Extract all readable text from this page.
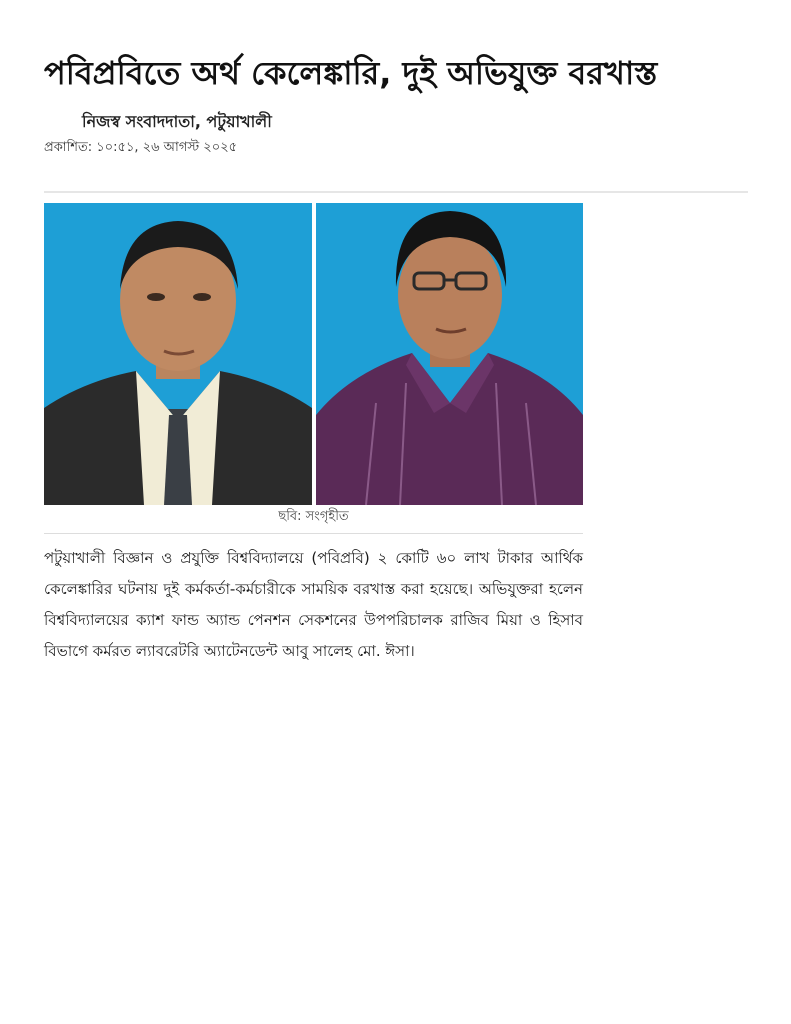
পবিপ্রবিতে অর্থ কেলেঙ্কারি, দুই অভিযুক্ত বরখাস্ত
নিজস্ব সংবাদদাতা, পটুয়াখালী
প্রকাশিত: ১০:৫১, ২৬ আগস্ট ২০২৫
ছবি: সংগৃহীত

পটুয়াখালী বিজ্ঞান ও প্রযুক্তি বিশ্ববিদ্যালয়ে (পবিপ্রবি) ২ কোটি ৬০ লাখ টাকার আর্থিক কেলেঙ্কারির ঘটনায় দুই কর্মকর্তা-কর্মচারীকে সাময়িক বরখাস্ত করা হয়েছে। অভিযুক্তরা হলেন বিশ্ববিদ্যালয়ের ক্যাশ ফান্ড অ্যান্ড পেনশন সেকশনের উপপরিচালক রাজিব মিয়া ও হিসাব বিভাগে কর্মরত ল্যাবরেটরি অ্যাটেনডেন্ট আবু সালেহ মো. ঈসা।
